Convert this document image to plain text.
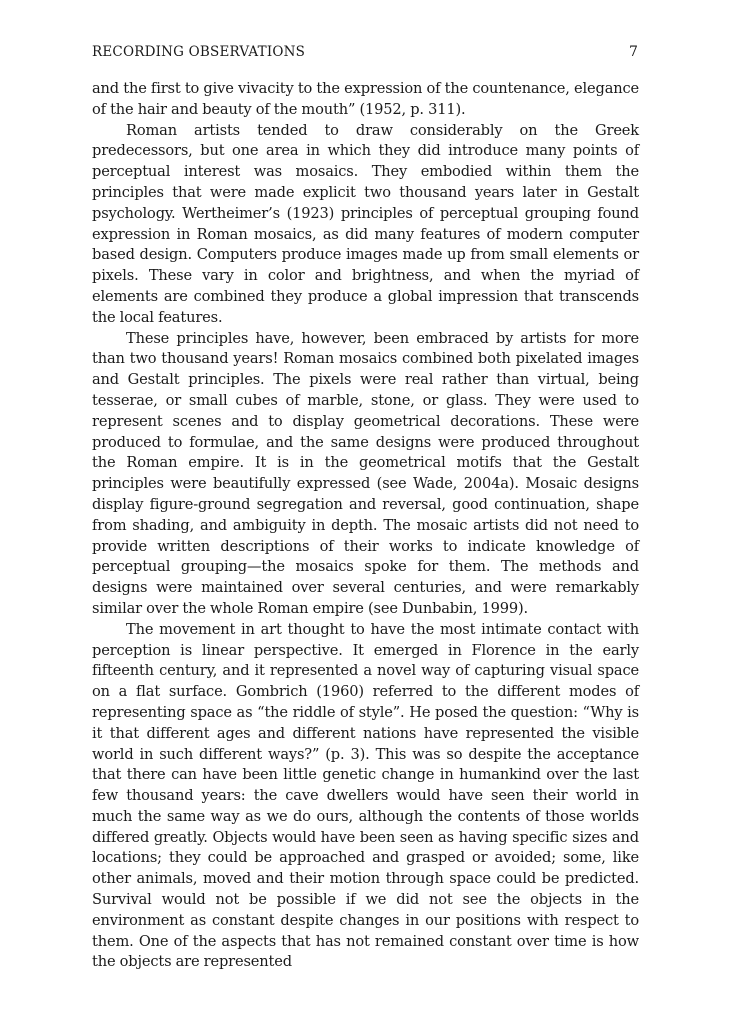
RECORDING OBSERVATIONS	7

and the first to give vivacity to the expression of the countenance, elegance of the hair and beauty of the mouth” (1952, p. 311).

Roman artists tended to draw considerably on the Greek predecessors, but one area in which they did introduce many points of perceptual interest was mosaics. They embodied within them the principles that were made explicit two thousand years later in Gestalt psychology. Wertheimer’s (1923) principles of perceptual grouping found expression in Roman mosaics, as did many features of modern computer based design. Computers produce images made up from small elements or pixels. These vary in color and brightness, and when the myriad of elements are combined they produce a global impression that transcends the local features.

These principles have, however, been embraced by artists for more than two thousand years! Roman mosaics combined both pixelated images and Gestalt principles. The pixels were real rather than virtual, being tesserae, or small cubes of marble, stone, or glass. They were used to represent scenes and to display geometrical decorations. These were produced to formulae, and the same designs were produced throughout the Roman empire. It is in the geometrical motifs that the Gestalt principles were beautifully expressed (see Wade, 2004a). Mosaic designs display figure-ground segregation and reversal, good continuation, shape from shading, and ambiguity in depth. The mosaic artists did not need to provide written descriptions of their works to indicate knowledge of perceptual grouping—the mosaics spoke for them. The methods and designs were maintained over several centuries, and were remarkably similar over the whole Roman empire (see Dunbabin, 1999).

The movement in art thought to have the most intimate contact with perception is linear perspective. It emerged in Florence in the early fifteenth century, and it represented a novel way of capturing visual space on a flat surface. Gombrich (1960) referred to the different modes of representing space as “the riddle of style”. He posed the question: “Why is it that different ages and different nations have represented the visible world in such different ways?” (p. 3). This was so despite the acceptance that there can have been little genetic change in humankind over the last few thousand years: the cave dwellers would have seen their world in much the same way as we do ours, although the contents of those worlds differed greatly. Objects would have been seen as having specific sizes and locations; they could be approached and grasped or avoided; some, like other animals, moved and their motion through space could be predicted. Survival would not be possible if we did not see the objects in the environment as constant despite changes in our positions with respect to them. One of the aspects that has not remained constant over time is how the objects are represented
